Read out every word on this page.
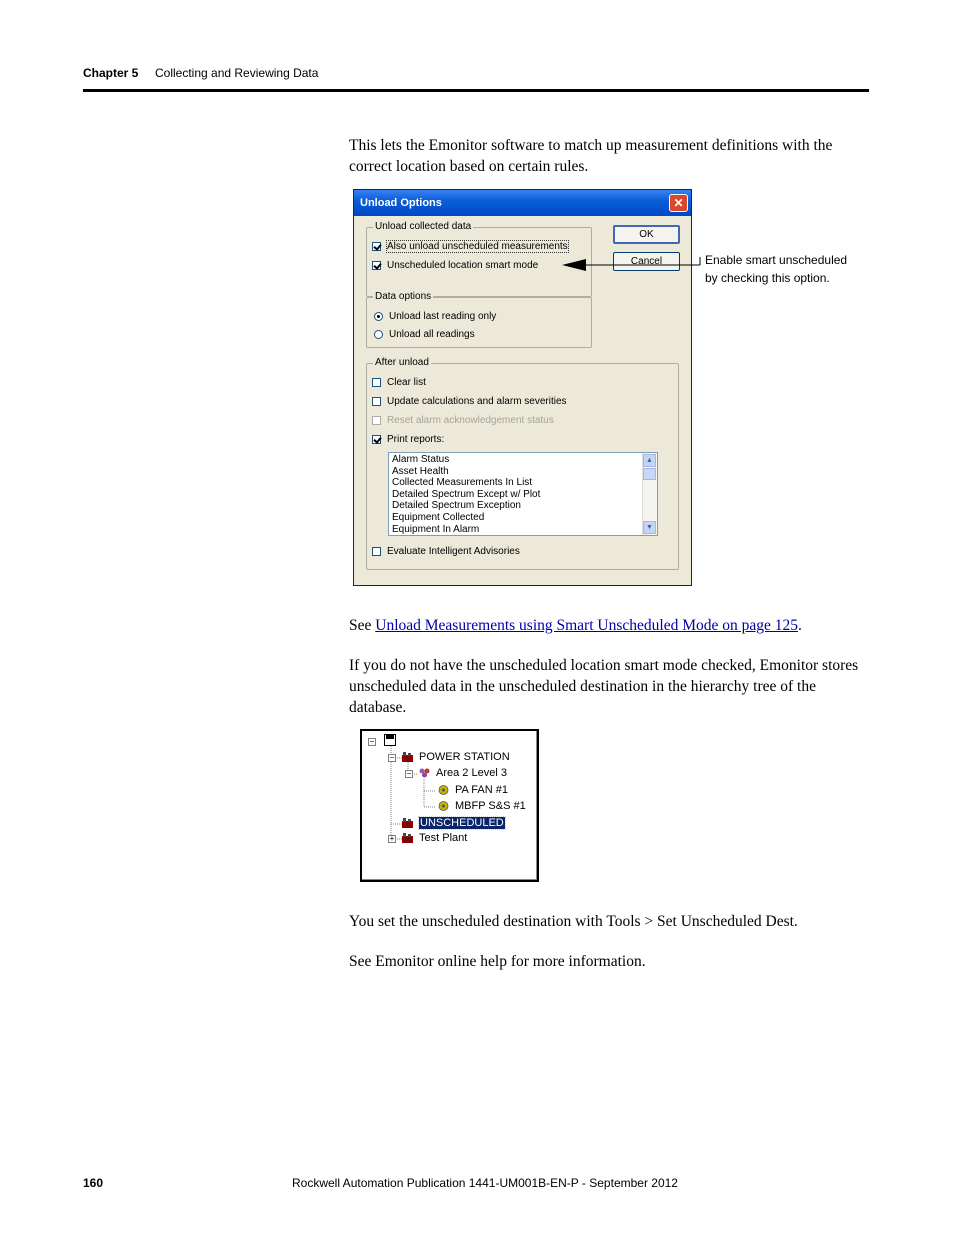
Chapter 5 Collecting and Reviewing Data
This lets the Emonitor software to match up measurement definitions with the correct location based on certain rules.
Unload Options	✕
Unload collected data
Also unload unscheduled measurements
Unscheduled location smart mode
OK
Cancel
Data options
Unload last reading only
Unload all readings
After unload
Clear list
Update calculations and alarm severities
Reset alarm acknowledgement status
Print reports:
Evaluate Intelligent Advisories
Alarm Status
Asset Health
Collected Measurements In List
Detailed Spectrum Except w/ Plot
Detailed Spectrum Exception
Equipment Collected
Equipment In Alarm
▲
▼
Enable smart unscheduled
by checking this option.
See Unload Measurements using Smart Unscheduled Mode on page 125.
If you do not have the unscheduled location smart mode checked, Emonitor stores unscheduled data in the unscheduled destination in the hierarchy tree of the database.
−
−	POWER STATION
−	Area 2 Level 3
PA FAN #1
MBFP S&S #1
UNSCHEDULED
+	Test Plant
You set the unscheduled destination with Tools > Set Unscheduled Dest.
See Emonitor online help for more information.
160	Rockwell Automation Publication 1441-UM001B-EN-P - September 2012
